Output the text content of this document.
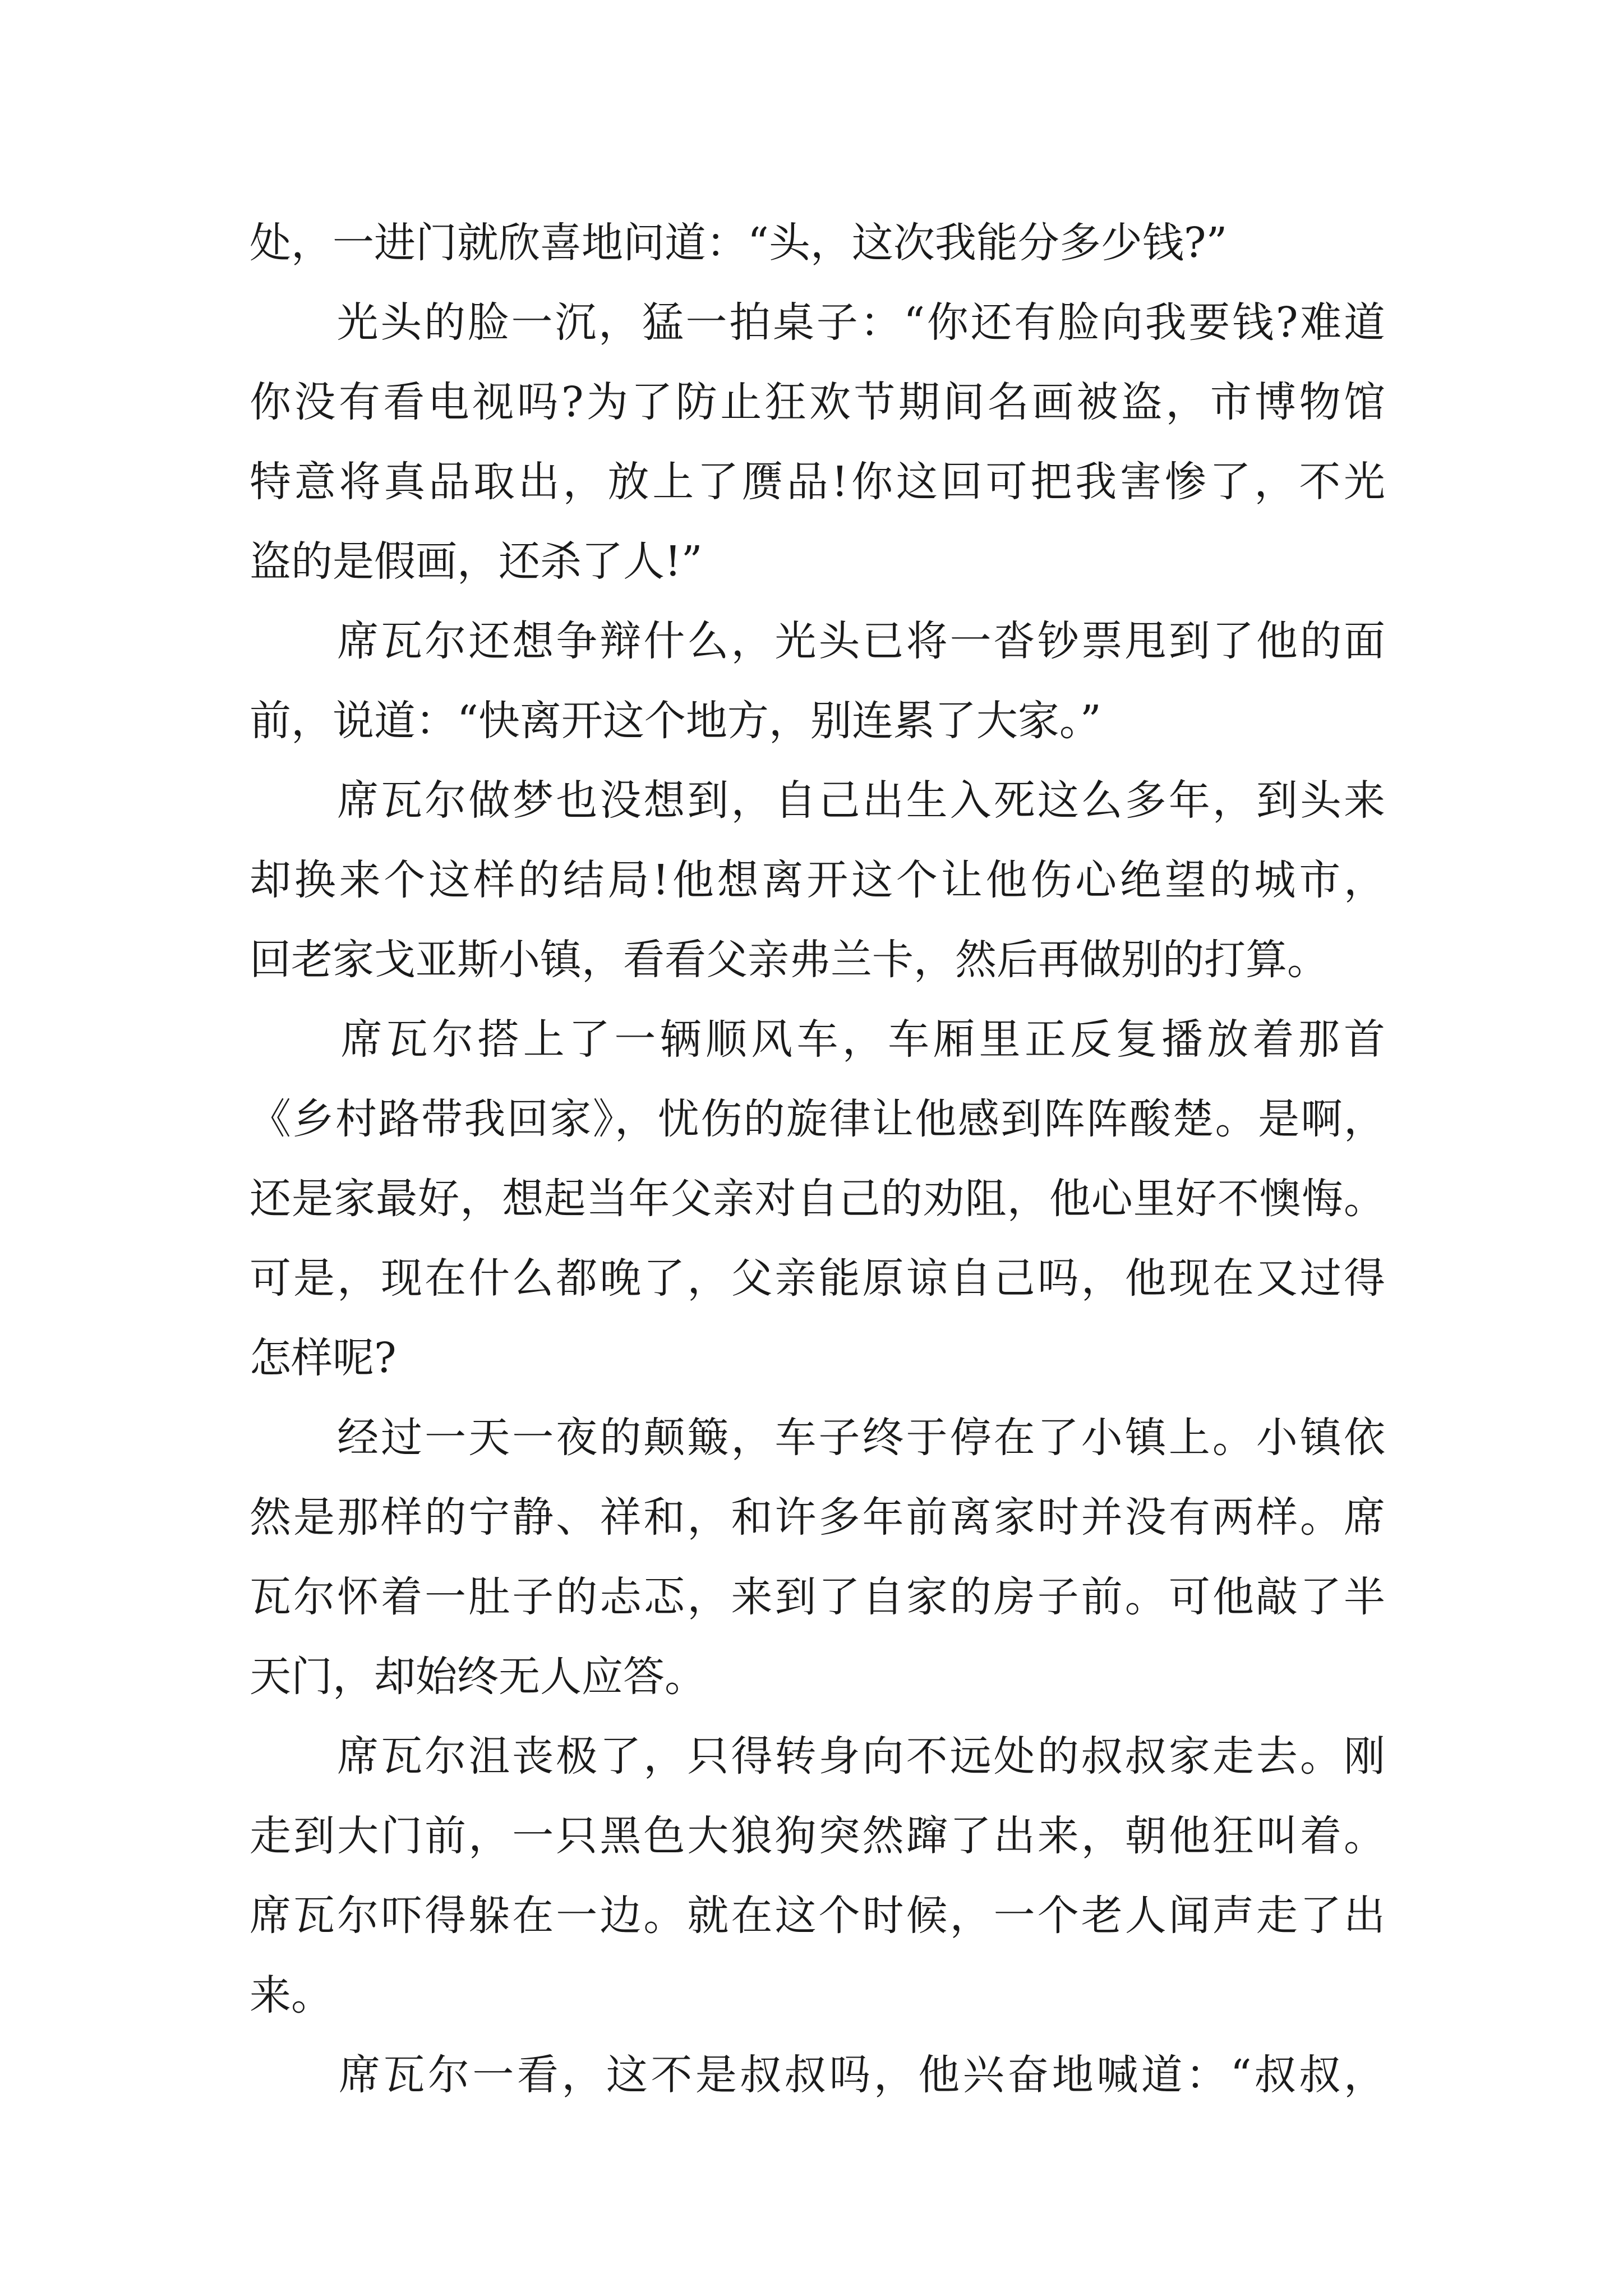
处，一进门就欣喜地问道：“头，这次我能分多少钱?”

　　光头的脸一沉，猛一拍桌子：“你还有脸向我要钱?难道
你没有看电视吗?为了防止狂欢节期间名画被盗，市博物馆
特意将真品取出，放上了赝品!你这回可把我害惨了，不光
盗的是假画，还杀了人!”

　　席瓦尔还想争辩什么，光头已将一沓钞票甩到了他的面
前，说道：“快离开这个地方，别连累了大家。”

　　席瓦尔做梦也没想到，自己出生入死这么多年，到头来
却换来个这样的结局!他想离开这个让他伤心绝望的城市，
回老家戈亚斯小镇，看看父亲弗兰卡，然后再做别的打算。

　　席瓦尔搭上了一辆顺风车，车厢里正反复播放着那首
《乡村路带我回家》，忧伤的旋律让他感到阵阵酸楚。是啊，
还是家最好，想起当年父亲对自己的劝阻，他心里好不懊悔。
可是，现在什么都晚了，父亲能原谅自己吗，他现在又过得
怎样呢?

　　经过一天一夜的颠簸，车子终于停在了小镇上。小镇依
然是那样的宁静、祥和，和许多年前离家时并没有两样。席
瓦尔怀着一肚子的忐忑，来到了自家的房子前。可他敲了半
天门，却始终无人应答。

　　席瓦尔沮丧极了，只得转身向不远处的叔叔家走去。刚
走到大门前，一只黑色大狼狗突然蹿了出来，朝他狂叫着。
席瓦尔吓得躲在一边。就在这个时候，一个老人闻声走了出
来。

　　席瓦尔一看，这不是叔叔吗，他兴奋地喊道：“叔叔，
